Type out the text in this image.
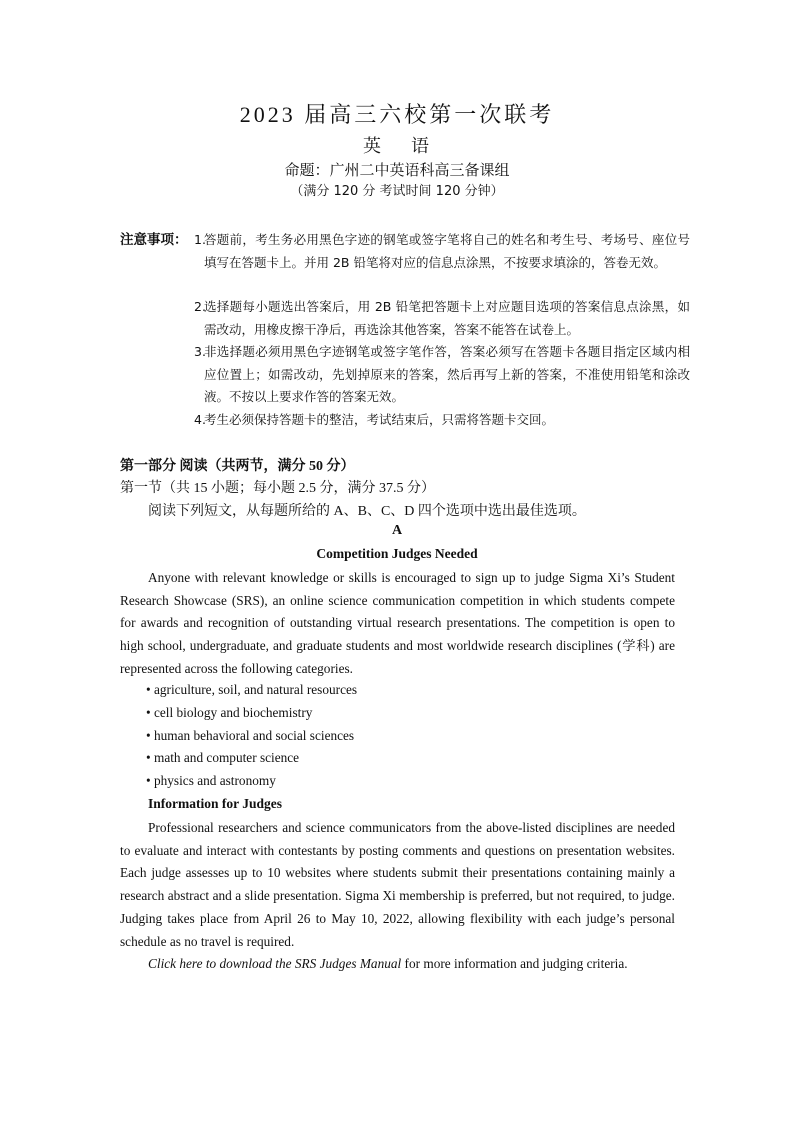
2023 届高三六校第一次联考
英 语
命题：广州二中英语科高三备课组
（满分 120 分 考试时间 120 分钟）
注意事项： 1.
答题前，考生务必用黑色字迹的钢笔或签字笔将自己的姓名和考生号、考场号、座位号填写在答题卡上。并用 2B 铅笔将对应的信息点涂黑，不按要求填涂的，答卷无效。
2.
选择题每小题选出答案后，用 2B 铅笔把答题卡上对应题目选项的答案信息点涂黑，如需改动，用橡皮擦干净后，再选涂其他答案，答案不能答在试卷上。
3.
非选择题必须用黑色字迹钢笔或签字笔作答，答案必须写在答题卡各题目指定区域内相应位置上；如需改动，先划掉原来的答案，然后再写上新的答案，不准使用铅笔和涂改液。不按以上要求作答的答案无效。
4.
考生必须保持答题卡的整洁，考试结束后，只需将答题卡交回。
第一部分 阅读（共两节，满分 50 分）
第一节（共 15 小题；每小题 2.5 分，满分 37.5 分）
阅读下列短文，从每题所给的 A、B、C、D 四个选项中选出最佳选项。
A
Competition Judges Needed

Anyone with relevant knowledge or skills is encouraged to sign up to judge Sigma Xi’s Student Research Showcase (SRS), an online science communication competition in which students compete for awards and recognition of outstanding virtual research presentations. The competition is open to high school, undergraduate, and graduate students and most worldwide research disciplines (学科) are represented across the following categories.

• agriculture, soil, and natural resources
• cell biology and biochemistry
• human behavioral and social sciences
• math and computer science
• physics and astronomy
Information for Judges

Professional researchers and science communicators from the above-listed disciplines are needed to evaluate and interact with contestants by posting comments and questions on presentation websites. Each judge assesses up to 10 websites where students submit their presentations containing mainly a research abstract and a slide presentation. Sigma Xi membership is preferred, but not required, to judge. Judging takes place from April 26 to May 10, 2022, allowing flexibility with each judge’s personal schedule as no travel is required.

Click here to download the SRS Judges Manual for more information and judging criteria.
